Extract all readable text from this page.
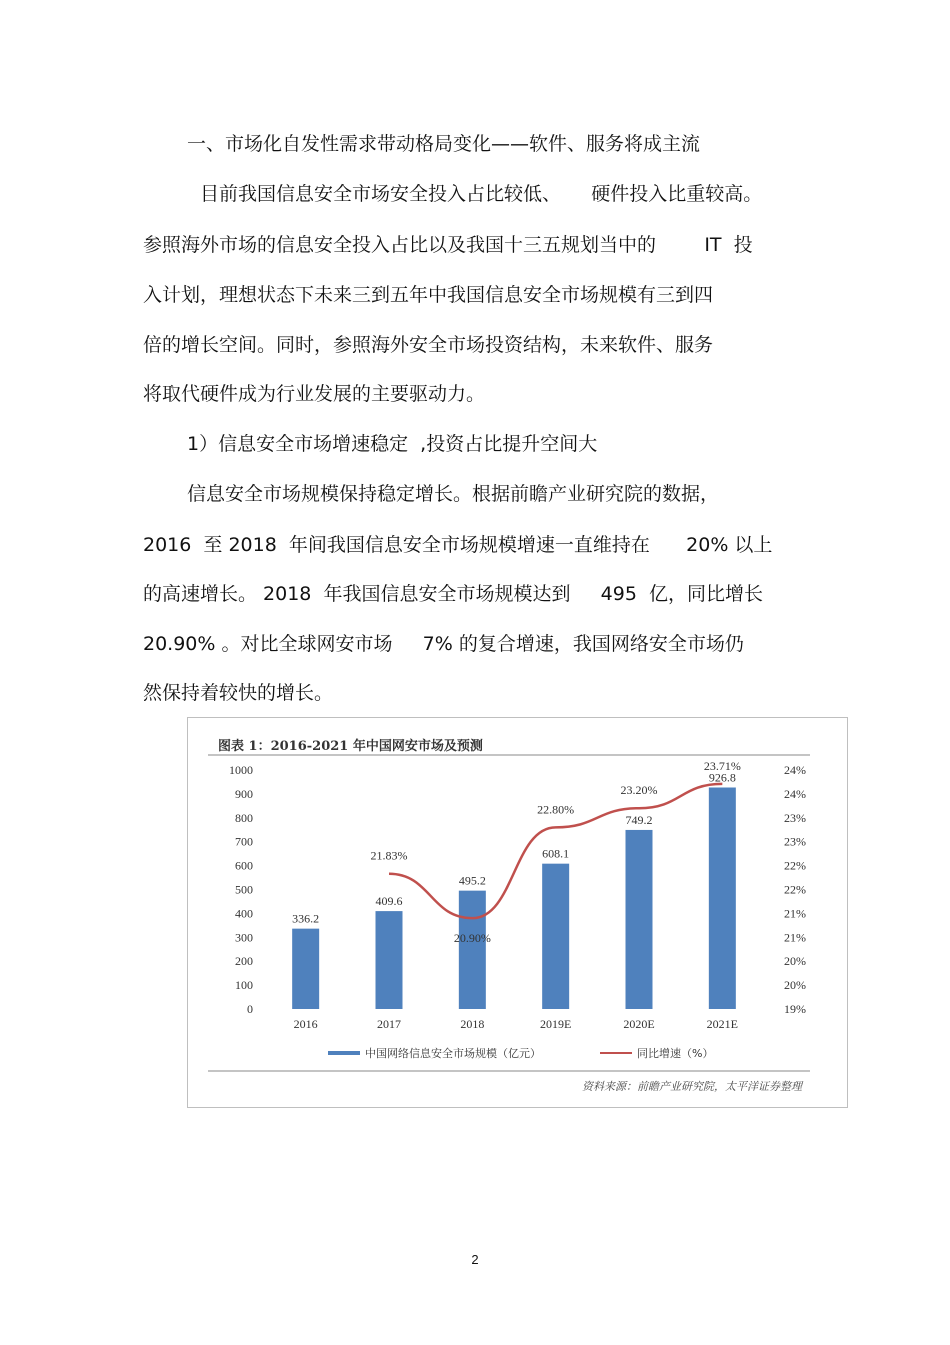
一、市场化自发性需求带动格局变化——软件、服务将成主流
目前我国信息安全市场安全投入占比较低、     硬件投入比重较高。
参照海外市场的信息安全投入占比以及我国十三五规划当中的        IT  投
入计划，理想状态下未来三到五年中我国信息安全市场规模有三到四
倍的增长空间。同时，参照海外安全市场投资结构，未来软件、服务
将取代硬件成为行业发展的主要驱动力。
1）信息安全市场增速稳定  ,投资占比提升空间大
信息安全市场规模保持稳定增长。根据前瞻产业研究院的数据，
2016  至 2018  年间我国信息安全市场规模增速一直维持在      20% 以上
的高速增长。 2018  年我国信息安全市场规模达到     495  亿，同比增长
20.90% 。对比全球网安市场     7% 的复合增速，我国网络安全市场仍
然保持着较快的增长。
图表 1：2016-2021 年中国网安市场及预测
0
100
200
300
400
500
600
700
800
900
1000
19%
20%
20%
21%
21%
22%
22%
23%
23%
24%
24%
336.2
409.6
495.2
608.1
749.2
926.8
21.83%
20.90%
22.80%
23.20%
23.71%
2016	2017	2018	2019E	2020E	2021E
中国网络信息安全市场规模（亿元）	同比增速（%）
资料来源：前瞻产业研究院，太平洋证券整理
2
